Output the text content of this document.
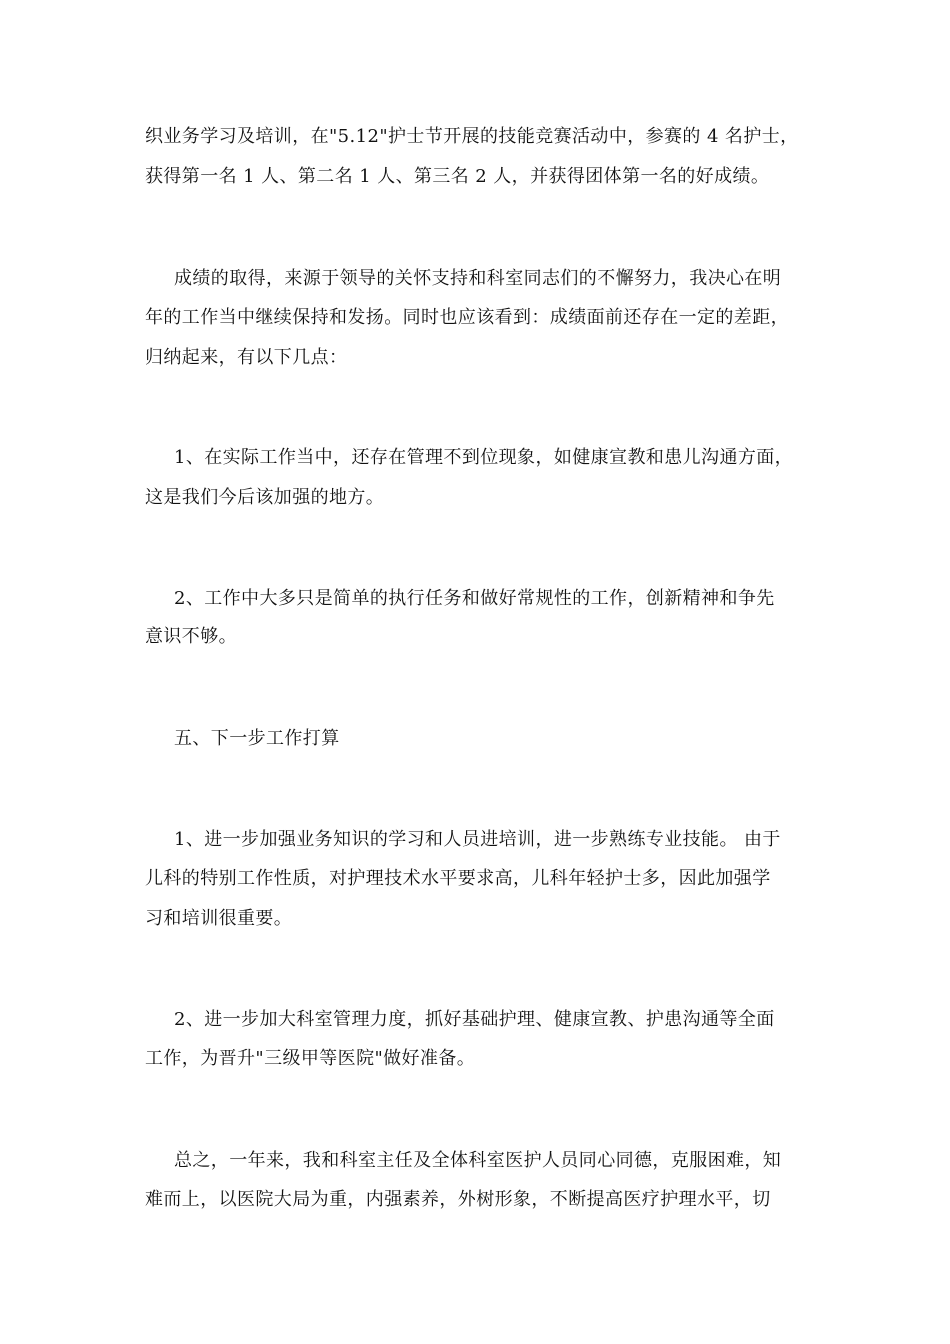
织业务学习及培训，在"5.12"护士节开展的技能竞赛活动中，参赛的 4 名护士，
获得第一名 1 人、第二名 1 人、第三名 2 人，并获得团体第一名的好成绩。
成绩的取得，来源于领导的关怀支持和科室同志们的不懈努力，我决心在明
年的工作当中继续保持和发扬。同时也应该看到：成绩面前还存在一定的差距，
归纳起来，有以下几点：
1、在实际工作当中，还存在管理不到位现象，如健康宣教和患儿沟通方面，
这是我们今后该加强的地方。
2、工作中大多只是简单的执行任务和做好常规性的工作，创新精神和争先
意识不够。
五、下一步工作打算
1、进一步加强业务知识的学习和人员进培训，进一步熟练专业技能。 由于
儿科的特别工作性质，对护理技术水平要求高，儿科年轻护士多，因此加强学
习和培训很重要。
2、进一步加大科室管理力度，抓好基础护理、健康宣教、护患沟通等全面
工作，为晋升"三级甲等医院"做好准备。
总之，一年来，我和科室主任及全体科室医护人员同心同德，克服困难，知
难而上，以医院大局为重，内强素养，外树形象，不断提高医疗护理水平，切
